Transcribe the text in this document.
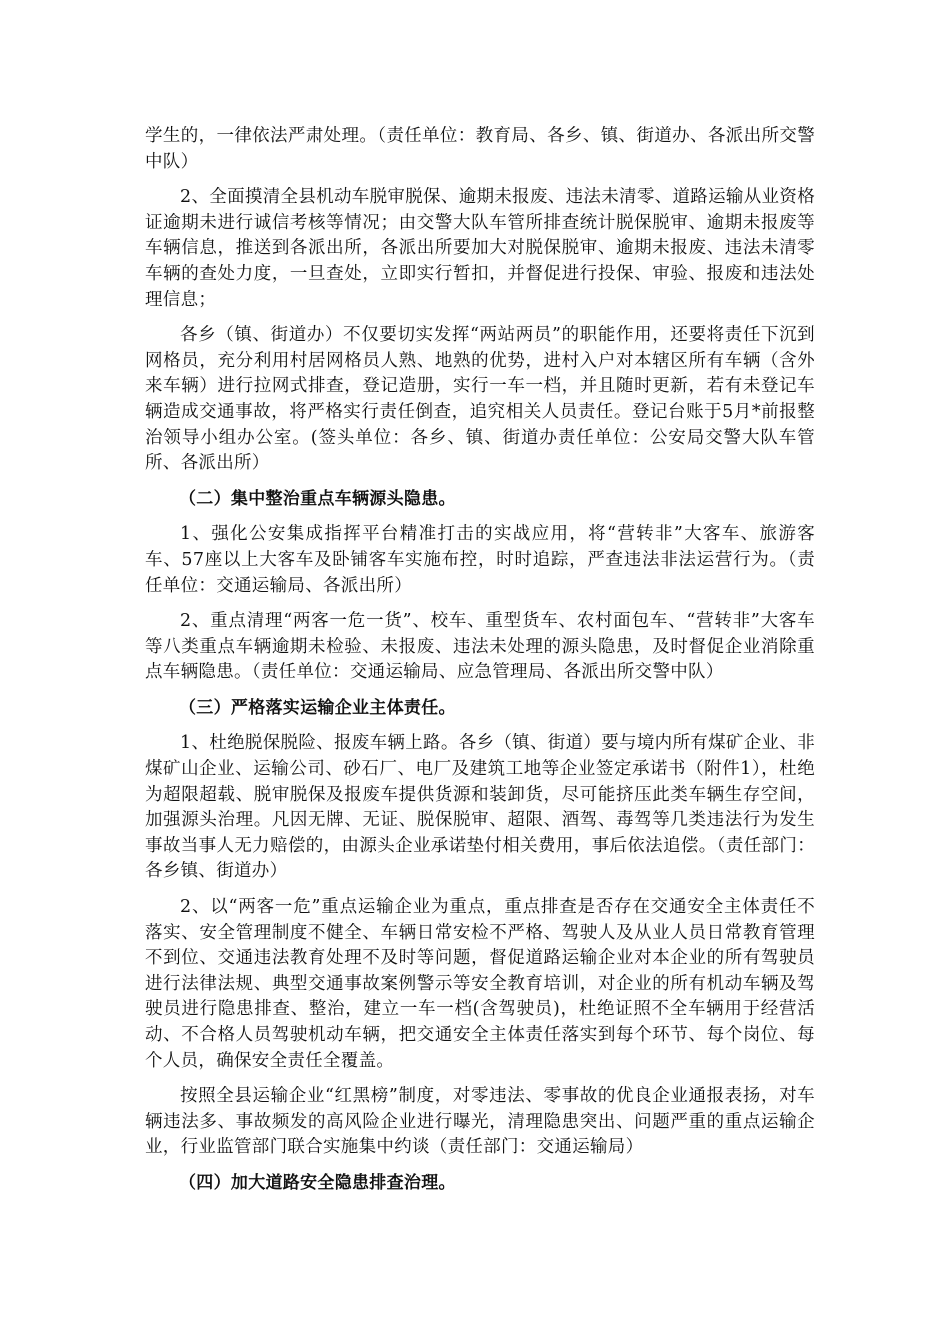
学生的，一律依法严肃处理。（责任单位：教育局、各乡、镇、街道办、各派出所交警中队）

2、全面摸清全县机动车脱审脱保、逾期未报废、违法未清零、道路运输从业资格证逾期未进行诚信考核等情况；由交警大队车管所排查统计脱保脱审、逾期未报废等车辆信息，推送到各派出所，各派出所要加大对脱保脱审、逾期未报废、违法未清零车辆的查处力度，一旦查处，立即实行暂扣，并督促进行投保、审验、报废和违法处理信息；

各乡（镇、街道办）不仅要切实发挥“两站两员”的职能作用，还要将责任下沉到网格员，充分利用村居网格员人熟、地熟的优势，进村入户对本辖区所有车辆（含外来车辆）进行拉网式排查，登记造册，实行一车一档，并且随时更新，若有未登记车辆造成交通事故，将严格实行责任倒查，追究相关人员责任。登记台账于5月*前报整治领导小组办公室。(签头单位：各乡、镇、街道办责任单位：公安局交警大队车管所、各派出所）

（二）集中整治重点车辆源头隐患。

1、强化公安集成指挥平台精准打击的实战应用，将“营转非”大客车、旅游客车、57座以上大客车及卧铺客车实施布控，时时追踪，严查违法非法运营行为。（责任单位：交通运输局、各派出所）

2、重点清理“两客一危一货”、校车、重型货车、农村面包车、“营转非”大客车等八类重点车辆逾期未检验、未报废、违法未处理的源头隐患，及时督促企业消除重点车辆隐患。（责任单位：交通运输局、应急管理局、各派出所交警中队）

（三）严格落实运输企业主体责任。

1、杜绝脱保脱险、报废车辆上路。各乡（镇、街道）要与境内所有煤矿企业、非煤矿山企业、运输公司、砂石厂、电厂及建筑工地等企业签定承诺书（附件1），杜绝为超限超载、脱审脱保及报废车提供货源和装卸货，尽可能挤压此类车辆生存空间，加强源头治理。凡因无牌、无证、脱保脱审、超限、酒驾、毒驾等几类违法行为发生事故当事人无力赔偿的，由源头企业承诺垫付相关费用，事后依法追偿。（责任部门：各乡镇、街道办）

2、以“两客一危”重点运输企业为重点，重点排查是否存在交通安全主体责任不落实、安全管理制度不健全、车辆日常安检不严格、驾驶人及从业人员日常教育管理不到位、交通违法教育处理不及时等问题，督促道路运输企业对本企业的所有驾驶员进行法律法规、典型交通事故案例警示等安全教育培训，对企业的所有机动车辆及驾驶员进行隐患排查、整治，建立一车一档(含驾驶员)，杜绝证照不全车辆用于经营活动、不合格人员驾驶机动车辆，把交通安全主体责任落实到每个环节、每个岗位、每个人员，确保安全责任全覆盖。

按照全县运输企业“红黑榜”制度，对零违法、零事故的优良企业通报表扬，对车辆违法多、事故频发的高风险企业进行曝光，清理隐患突出、问题严重的重点运输企业，行业监管部门联合实施集中约谈（责任部门：交通运输局）

（四）加大道路安全隐患排查治理。
